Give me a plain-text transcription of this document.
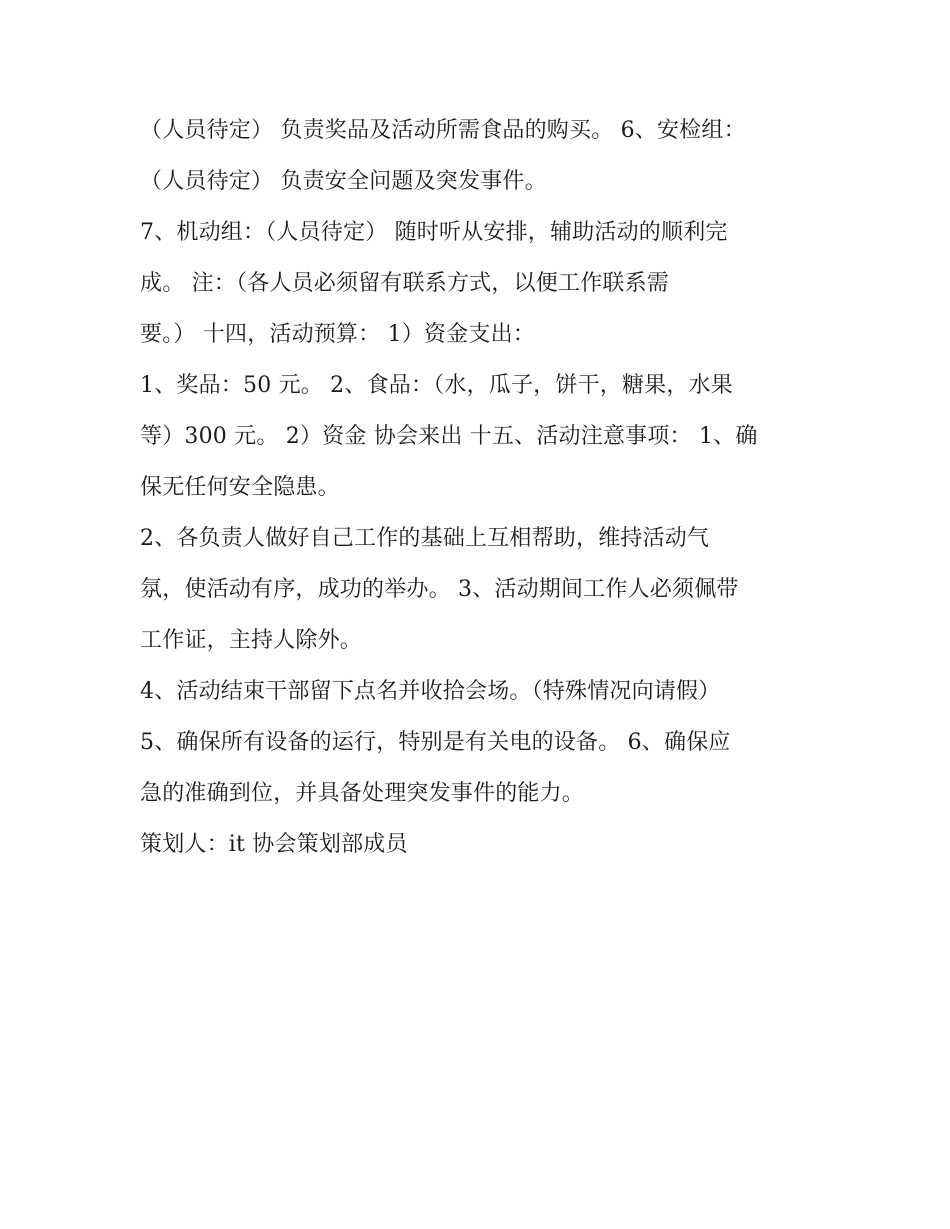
（人员待定） 负责奖品及活动所需食品的购买。 6、安检组：
（人员待定） 负责安全问题及突发事件。
7、机动组：（人员待定） 随时听从安排，辅助活动的顺利完
成。 注：（各人员必须留有联系方式，以便工作联系需
要。） 十四，活动预算： 1）资金支出：
1、奖品：50 元。 2、食品：（水，瓜子，饼干，糖果，水果
等）300 元。 2）资金 协会来出 十五、活动注意事项： 1、确
保无任何安全隐患。
2、各负责人做好自己工作的基础上互相帮助，维持活动气
氛，使活动有序，成功的举办。 3、活动期间工作人必须佩带
工作证，主持人除外。
4、活动结束干部留下点名并收拾会场。（特殊情况向请假）
5、确保所有设备的运行，特别是有关电的设备。 6、确保应
急的准确到位，并具备处理突发事件的能力。
策划人：it 协会策划部成员
